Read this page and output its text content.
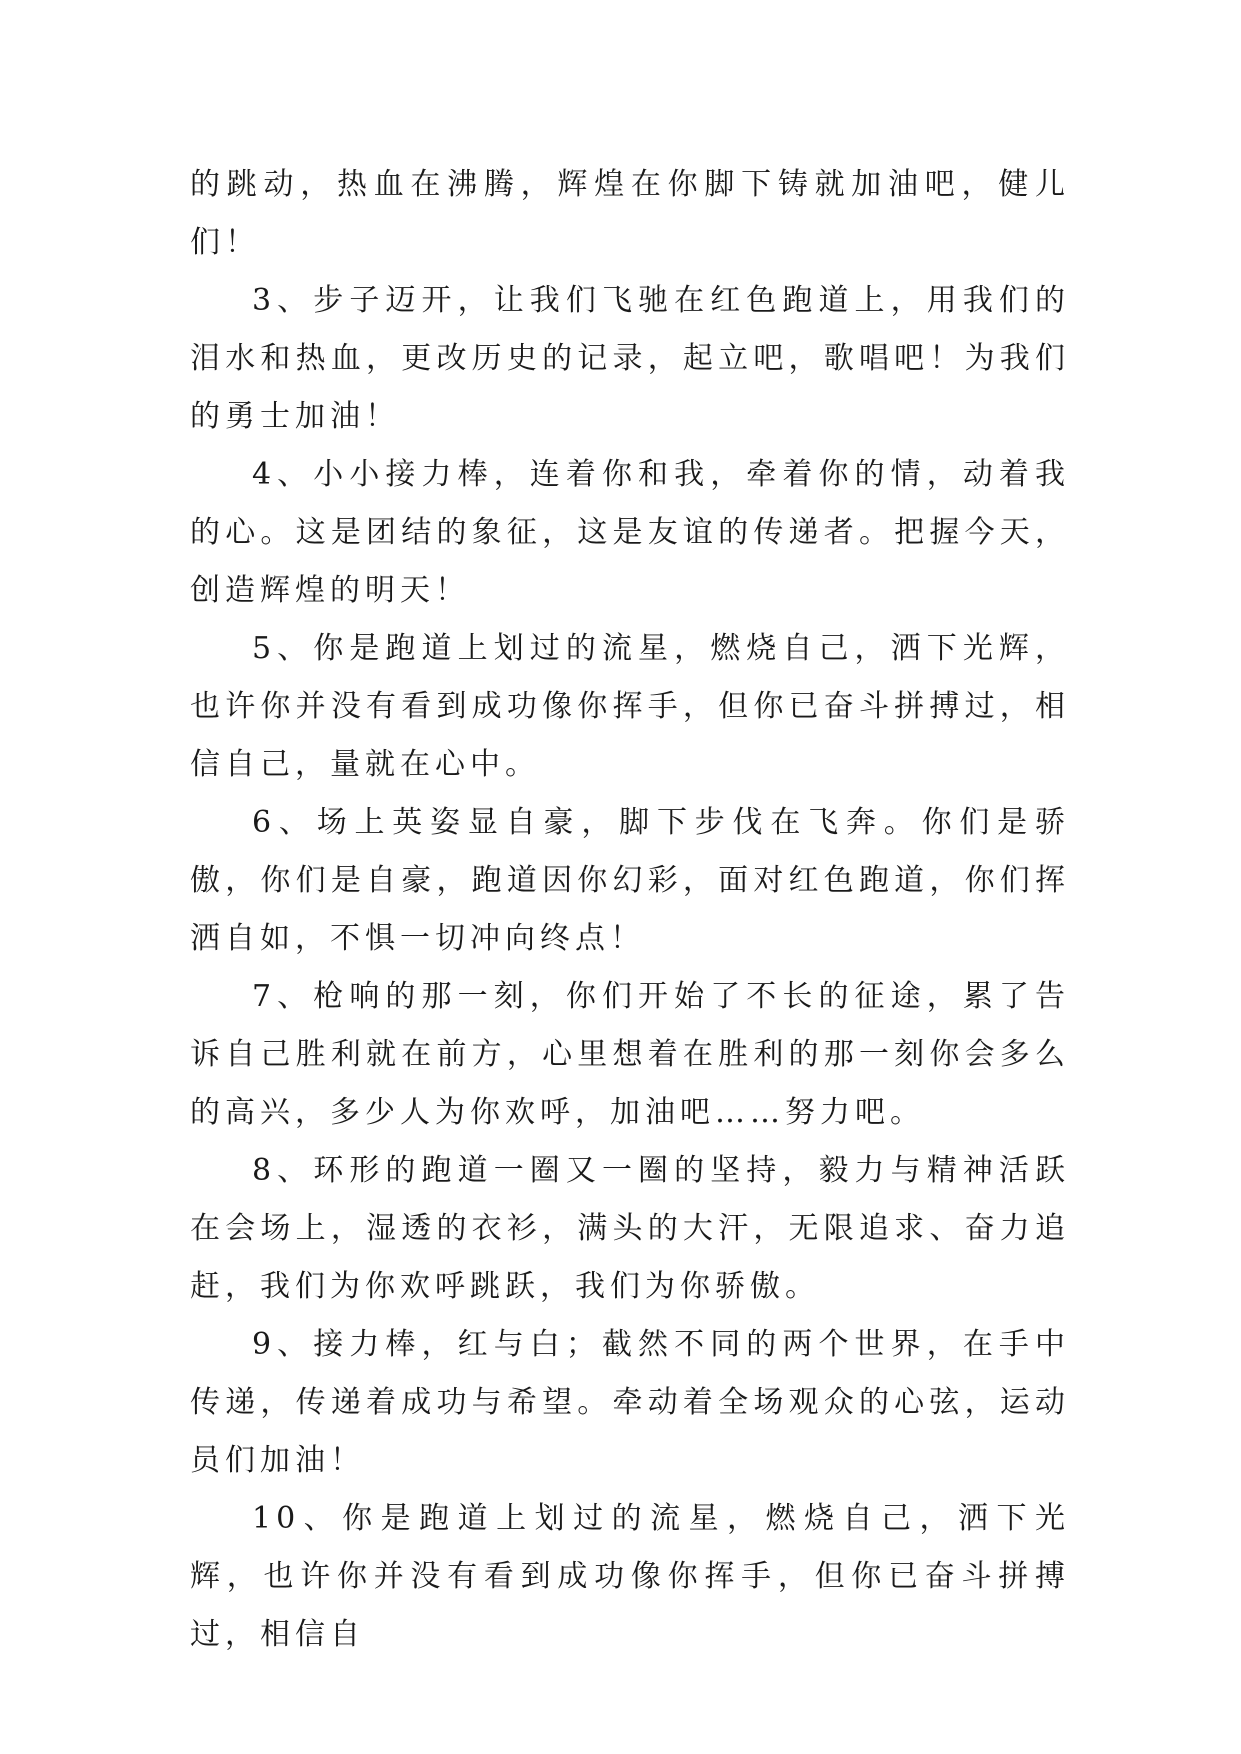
的跳动，热血在沸腾，辉煌在你脚下铸就加油吧，健儿们！

3、步子迈开，让我们飞驰在红色跑道上，用我们的泪水和热血，更改历史的记录，起立吧，歌唱吧！为我们的勇士加油！

4、小小接力棒，连着你和我，牵着你的情，动着我的心。这是团结的象征，这是友谊的传递者。把握今天，创造辉煌的明天！

5、你是跑道上划过的流星，燃烧自己，洒下光辉，也许你并没有看到成功像你挥手，但你已奋斗拼搏过，相信自己，量就在心中。

6、场上英姿显自豪，脚下步伐在飞奔。你们是骄傲，你们是自豪，跑道因你幻彩，面对红色跑道，你们挥洒自如，不惧一切冲向终点！

7、枪响的那一刻，你们开始了不长的征途，累了告诉自己胜利就在前方，心里想着在胜利的那一刻你会多么的高兴，多少人为你欢呼，加油吧……努力吧。

8、环形的跑道一圈又一圈的坚持，毅力与精神活跃在会场上，湿透的衣衫，满头的大汗，无限追求、奋力追赶，我们为你欢呼跳跃，我们为你骄傲。

9、接力棒，红与白；截然不同的两个世界，在手中传递，传递着成功与希望。牵动着全场观众的心弦，运动员们加油！

10、你是跑道上划过的流星，燃烧自己，洒下光辉，也许你并没有看到成功像你挥手，但你已奋斗拼搏过，相信自
